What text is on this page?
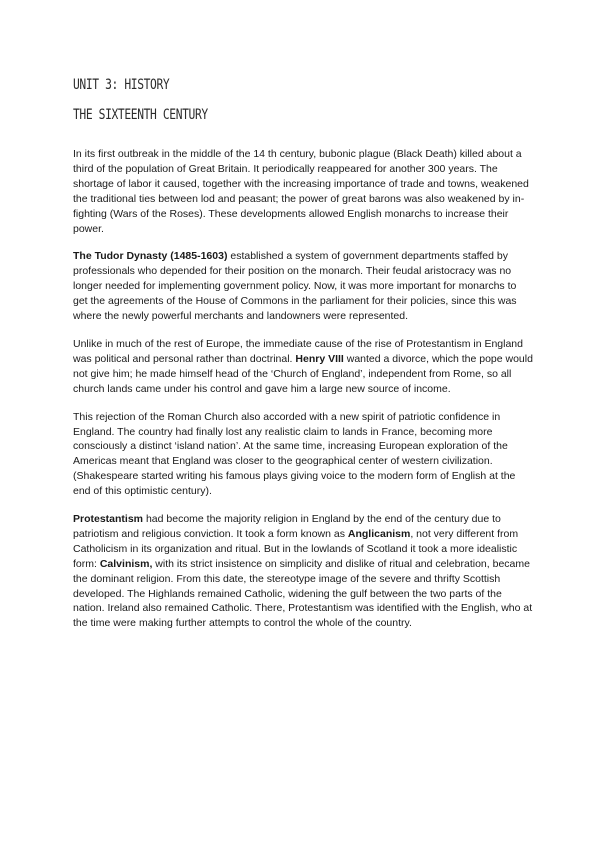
UNIT 3: HISTORY
THE SIXTEENTH CENTURY

In its first outbreak in the middle of the 14 th century, bubonic plague (Black Death) killed about a third of the population of Great Britain. It periodically reappeared for another 300 years. The shortage of labor it caused, together with the increasing importance of trade and towns, weakened the traditional ties between lod and peasant; the power of great barons was also weakened by in-fighting (Wars of the Roses). These developments allowed English monarchs to increase their power.

The Tudor Dynasty (1485-1603) established a system of government departments staffed by professionals who depended for their position on the monarch. Their feudal aristocracy was no longer needed for implementing government policy. Now, it was more important for monarchs to get the agreements of the House of Commons in the parliament for their policies, since this was where the newly powerful merchants and landowners were represented.

Unlike in much of the rest of Europe, the immediate cause of the rise of Protestantism in England was political and personal rather than doctrinal. Henry VIII wanted a divorce, which the pope would not give him; he made himself head of the ‘Church of England’, independent from Rome, so all church lands came under his control and gave him a large new source of income.

This rejection of the Roman Church also accorded with a new spirit of patriotic confidence in England. The country had finally lost any realistic claim to lands in France, becoming more consciously a distinct ‘island nation’. At the same time, increasing European exploration of the Americas meant that England was closer to the geographical center of western civilization. (Shakespeare started writing his famous plays giving voice to the modern form of English at the end of this optimistic century).

Protestantism had become the majority religion in England by the end of the century due to patriotism and religious conviction. It took a form known as Anglicanism, not very different from Catholicism in its organization and ritual. But in the lowlands of Scotland it took a more idealistic form: Calvinism, with its strict insistence on simplicity and dislike of ritual and celebration, became the dominant religion. From this date, the stereotype image of the severe and thrifty Scottish developed. The Highlands remained Catholic, widening the gulf between the two parts of the nation. Ireland also remained Catholic. There, Protestantism was identified with the English, who at the time were making further attempts to control the whole of the country.
